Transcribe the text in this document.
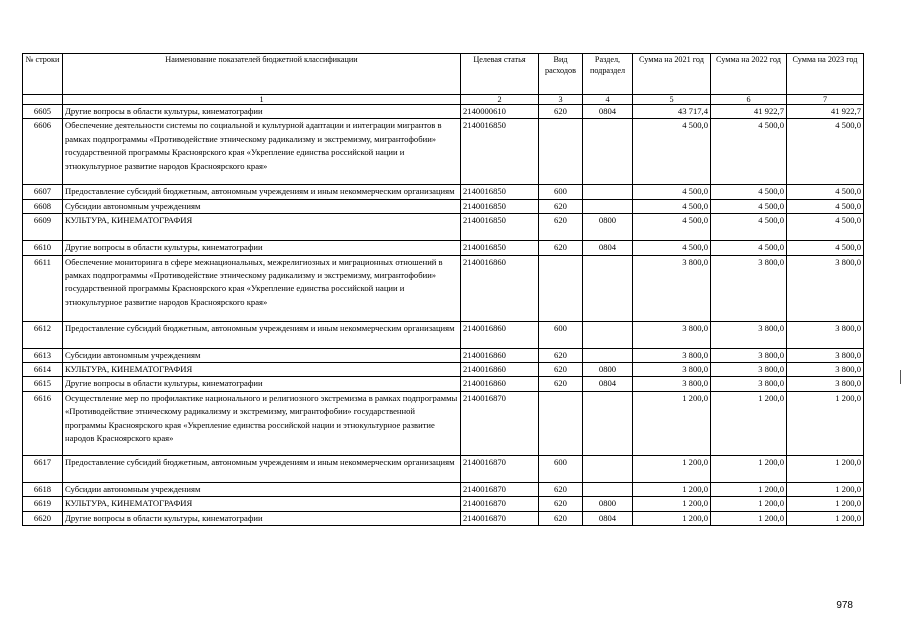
№ строки	Наименование показателей бюджетной классификации	Целевая статья	Вид расходов	Раздел, подраздел	Сумма на 2021 год	Сумма на 2022 год	Сумма на 2023 год
	1	2	3	4	5	6	7
6605	Другие вопросы в области культуры, кинематографии	2140000610	620	0804	43 717,4	41 922,7	41 922,7
6606	Обеспечение деятельности системы по социальной и культурной адаптации и интеграции мигрантов в рамках подпрограммы «Противодействие этническому радикализму и экстремизму, мигрантофобии» государственной программы Красноярского края «Укрепление единства российской нации и этнокультурное развитие народов Красноярского края»	2140016850			4 500,0	4 500,0	4 500,0
6607	Предоставление субсидий бюджетным, автономным учреждениям и иным некоммерческим организациям	2140016850	600		4 500,0	4 500,0	4 500,0
6608	Субсидии автономным учреждениям	2140016850	620		4 500,0	4 500,0	4 500,0
6609	КУЛЬТУРА, КИНЕМАТОГРАФИЯ	2140016850	620	0800	4 500,0	4 500,0	4 500,0
6610	Другие вопросы в области культуры, кинематографии	2140016850	620	0804	4 500,0	4 500,0	4 500,0
6611	Обеспечение мониторинга в сфере межнациональных, межрелигиозных и миграционных отношений в рамках подпрограммы «Противодействие этническому радикализму и экстремизму, мигрантофобии» государственной программы Красноярского края «Укрепление единства российской нации и этнокультурное развитие народов Красноярского края»	2140016860			3 800,0	3 800,0	3 800,0
6612	Предоставление субсидий бюджетным, автономным учреждениям и иным некоммерческим организациям	2140016860	600		3 800,0	3 800,0	3 800,0
6613	Субсидии автономным учреждениям	2140016860	620		3 800,0	3 800,0	3 800,0
6614	КУЛЬТУРА, КИНЕМАТОГРАФИЯ	2140016860	620	0800	3 800,0	3 800,0	3 800,0
6615	Другие вопросы в области культуры, кинематографии	2140016860	620	0804	3 800,0	3 800,0	3 800,0
6616	Осуществление мер по профилактике национального и религиозного экстремизма в рамках подпрограммы «Противодействие этническому радикализму и экстремизму, мигрантофобии» государственной программы Красноярского края «Укрепление единства российской нации и этнокультурное развитие народов Красноярского края»	2140016870			1 200,0	1 200,0	1 200,0
6617	Предоставление субсидий бюджетным, автономным учреждениям и иным некоммерческим организациям	2140016870	600		1 200,0	1 200,0	1 200,0
6618	Субсидии автономным учреждениям	2140016870	620		1 200,0	1 200,0	1 200,0
6619	КУЛЬТУРА, КИНЕМАТОГРАФИЯ	2140016870	620	0800	1 200,0	1 200,0	1 200,0
6620	Другие вопросы в области культуры, кинематографии	2140016870	620	0804	1 200,0	1 200,0	1 200,0
978
